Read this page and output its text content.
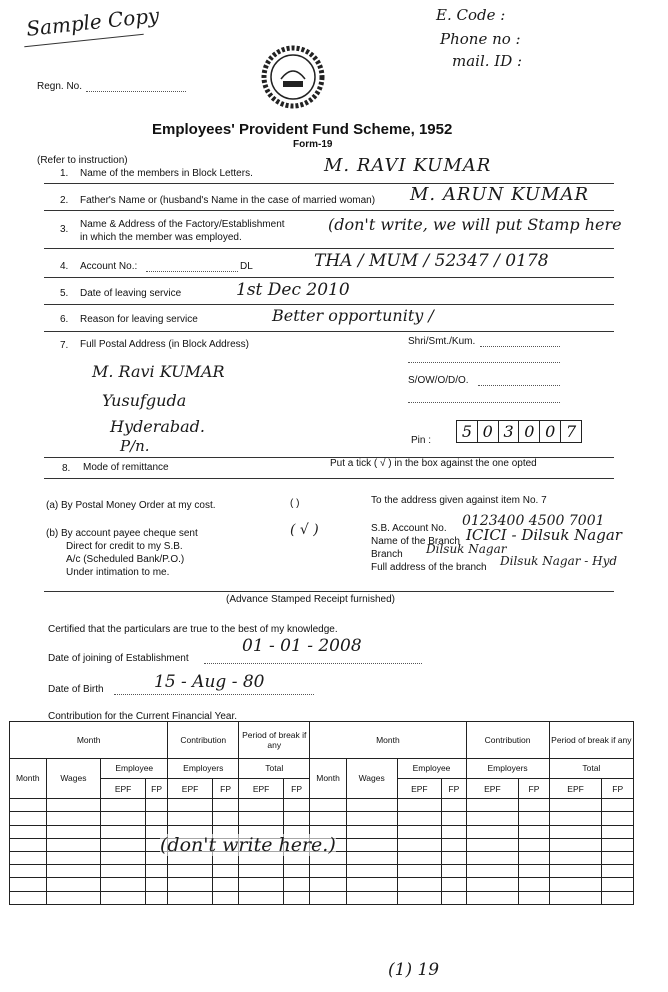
Sample Copy	E. Code :
Phone no :
mail. ID :
Regn. No.
Employees' Provident Fund Scheme, 1952
Form-19
(Refer to instruction)
1. Name of the members in Block Letters.	M. RAVI KUMAR
2. Father's Name or (husband's Name in the case of married woman) M. ARUN KUMAR
3. Name & Address of the Factory/Establishment
in which the member was employed.
(don't write, we will put Stamp here
4. Account No.:	DL	THA / MUM / 52347 / 0178
5. Date of leaving service	1st Dec 2010
6. Reason for leaving service	Better opportunity /
7. Full Postal Address (in Block Address)	Shri/Smt./Kum.
S/OW/O/D/O.
M. Ravi KUMAR
Yusufguda
Hyderabad.
P/n.	Pin :	5 0 3 0 0 7
8. Mode of remittance	Put a tick ( √ ) in the box against the one opted
(a) By Postal Money Order at my cost.	( )	To the address given against item No. 7
(b) By account payee cheque sent
Direct for credit to my S.B.
A/c (Scheduled Bank/P.O.)
Under intimation to me.
( √ )	S.B. Account No. 0123400 4500 7001
Name of the Branch ICICI - Dilsuk Nagar
Branch Dilsuk Nagar
Full address of the branch Dilsuk Nagar - Hyd
(Advance Stamped Receipt furnished)
Certified that the particulars are true to the best of my knowledge.
Date of joining of Establishment
01 - 01 - 2008
Date of Birth	15 - Aug - 80
Contribution for the Current Financial Year.
Month				Contribution		Period of break if any		Month				Contribution		Period of break if any	
Month	Wages	Employee		Employers		Total		Month	Wages	Employee		Employers		Total	
		EPF	FP	EPF	FP	EPF	FP			EPF	FP	EPF	FP	EPF	FP

(don't write here.)
(1) 19
